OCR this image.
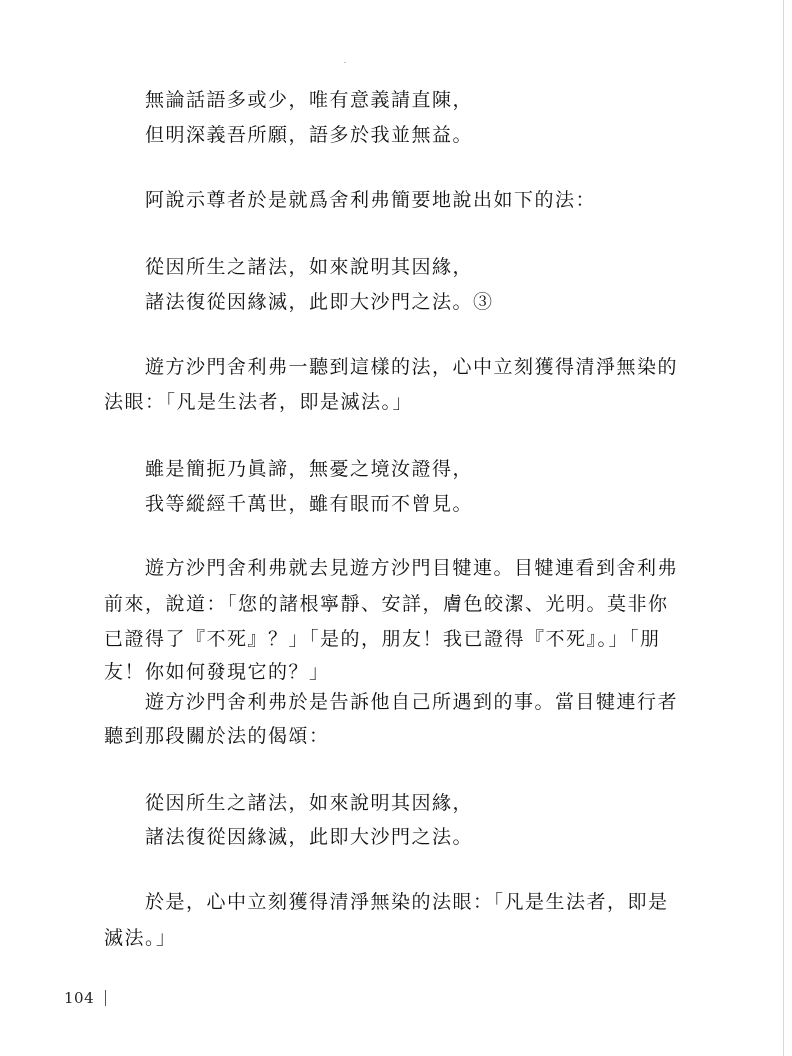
無論話語多或少，唯有意義請直陳，
但明深義吾所願，語多於我並無益。
阿說示尊者於是就爲舍利弗簡要地說出如下的法：
從因所生之諸法，如來說明其因緣，
諸法復從因緣滅，此即大沙門之法。③
遊方沙門舍利弗一聽到這樣的法，心中立刻獲得清淨無染的
法眼：「凡是生法者，即是滅法。」
雖是簡扼乃眞諦，無憂之境汝證得，
我等縱經千萬世，雖有眼而不曾見。
遊方沙門舍利弗就去見遊方沙門目犍連。目犍連看到舍利弗
前來，說道：「您的諸根寧靜、安詳，膚色皎潔、光明。莫非你
已證得了『不死』？」「是的，朋友！我已證得『不死』。」「朋
友！你如何發現它的？」
遊方沙門舍利弗於是告訴他自己所遇到的事。當目犍連行者
聽到那段關於法的偈頌：
從因所生之諸法，如來說明其因緣，
諸法復從因緣滅，此即大沙門之法。
於是，心中立刻獲得清淨無染的法眼：「凡是生法者，即是
滅法。」
104
